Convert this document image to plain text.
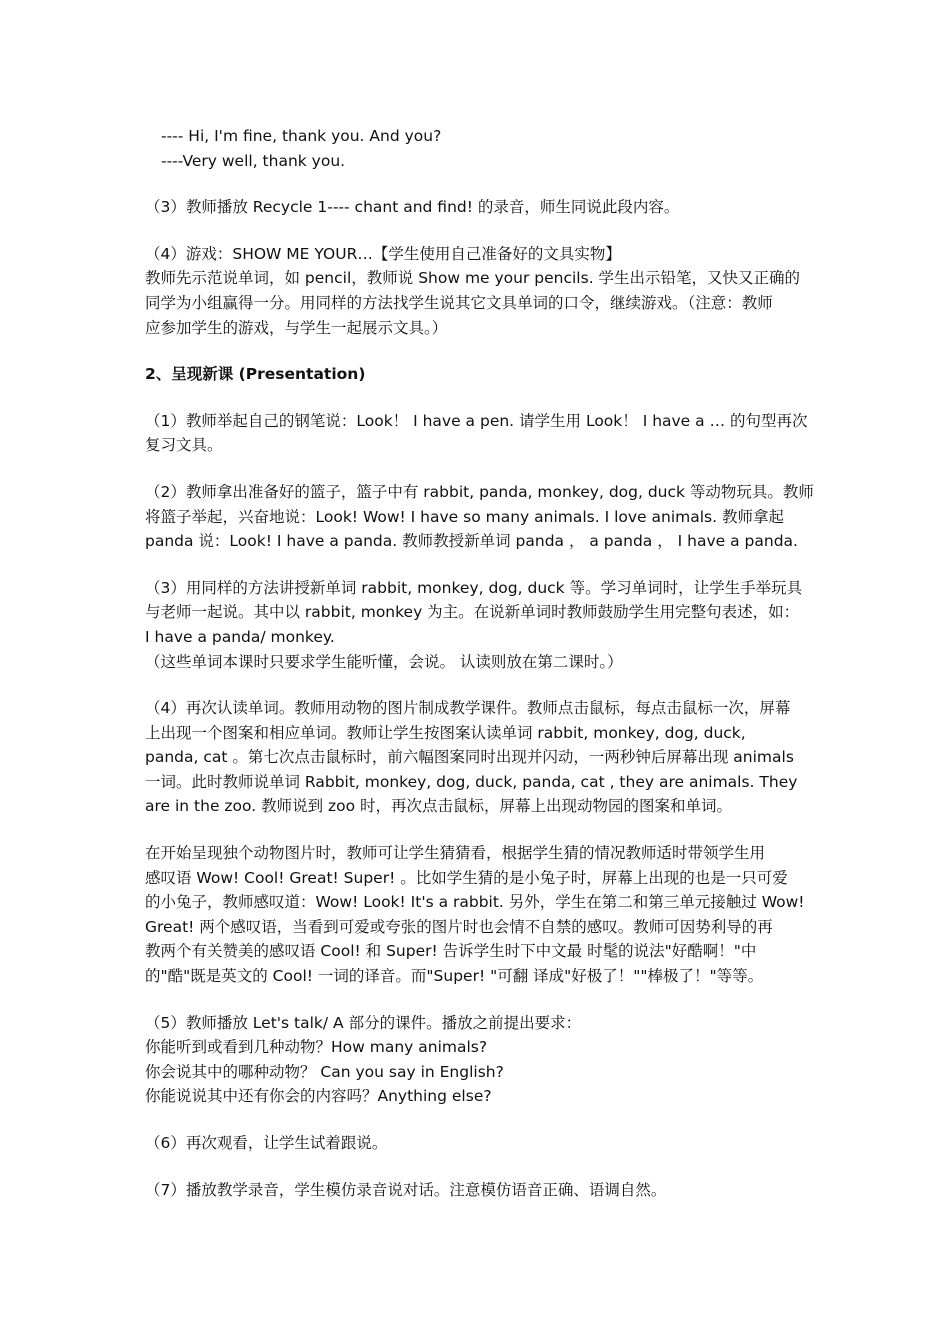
---- Hi, I'm fine, thank you. And you?
----Very well, thank you.
（3）教师播放 Recycle 1---- chant and find! 的录音，师生同说此段内容。
（4）游戏：SHOW ME YOUR…【学生使用自己准备好的文具实物】
教师先示范说单词，如 pencil，教师说 Show me your pencils. 学生出示铅笔，又快又正确的
同学为小组赢得一分。用同样的方法找学生说其它文具单词的口令，继续游戏。（注意：教师
应参加学生的游戏，与学生一起展示文具。）
2、呈现新课 (Presentation)
（1）教师举起自己的钢笔说：Look！ I have a pen. 请学生用 Look！ I have a … 的句型再次
复习文具。
（2）教师拿出准备好的篮子，篮子中有 rabbit, panda, monkey, dog, duck 等动物玩具。教师
将篮子举起，兴奋地说：Look! Wow! I have so many animals. I love animals. 教师拿起
panda 说：Look! I have a panda. 教师教授新单词 panda ， a panda ， I have a panda.
（3）用同样的方法讲授新单词 rabbit, monkey, dog, duck 等。学习单词时，让学生手举玩具
与老师一起说。其中以 rabbit, monkey 为主。在说新单词时教师鼓励学生用完整句表述，如：
I have a panda/ monkey.
（这些单词本课时只要求学生能听懂，会说。 认读则放在第二课时。）
（4）再次认读单词。教师用动物的图片制成教学课件。教师点击鼠标，每点击鼠标一次，屏幕
上出现一个图案和相应单词。教师让学生按图案认读单词 rabbit, monkey, dog, duck,
panda, cat 。第七次点击鼠标时，前六幅图案同时出现并闪动，一两秒钟后屏幕出现 animals
一词。此时教师说单词 Rabbit, monkey, dog, duck, panda, cat , they are animals. They
are in the zoo. 教师说到 zoo 时，再次点击鼠标，屏幕上出现动物园的图案和单词。
在开始呈现独个动物图片时，教师可让学生猜猜看，根据学生猜的情况教师适时带领学生用
感叹语 Wow! Cool! Great! Super! 。比如学生猜的是小兔子时，屏幕上出现的也是一只可爱
的小兔子，教师感叹道：Wow! Look! It's a rabbit. 另外，学生在第二和第三单元接触过 Wow!
Great! 两个感叹语，当看到可爱或夸张的图片时也会情不自禁的感叹。教师可因势利导的再
教两个有关赞美的感叹语 Cool! 和 Super! 告诉学生时下中文最 时髦的说法"好酷啊！"中
的"酷"既是英文的 Cool! 一词的译音。而"Super! "可翻 译成"好极了！""棒极了！"等等。
（5）教师播放 Let's talk/ A 部分的课件。播放之前提出要求：
你能听到或看到几种动物？How many animals?
你会说其中的哪种动物？ Can you say in English?
你能说说其中还有你会的内容吗？Anything else?
（6）再次观看，让学生试着跟说。
（7）播放教学录音，学生模仿录音说对话。注意模仿语音正确、语调自然。
